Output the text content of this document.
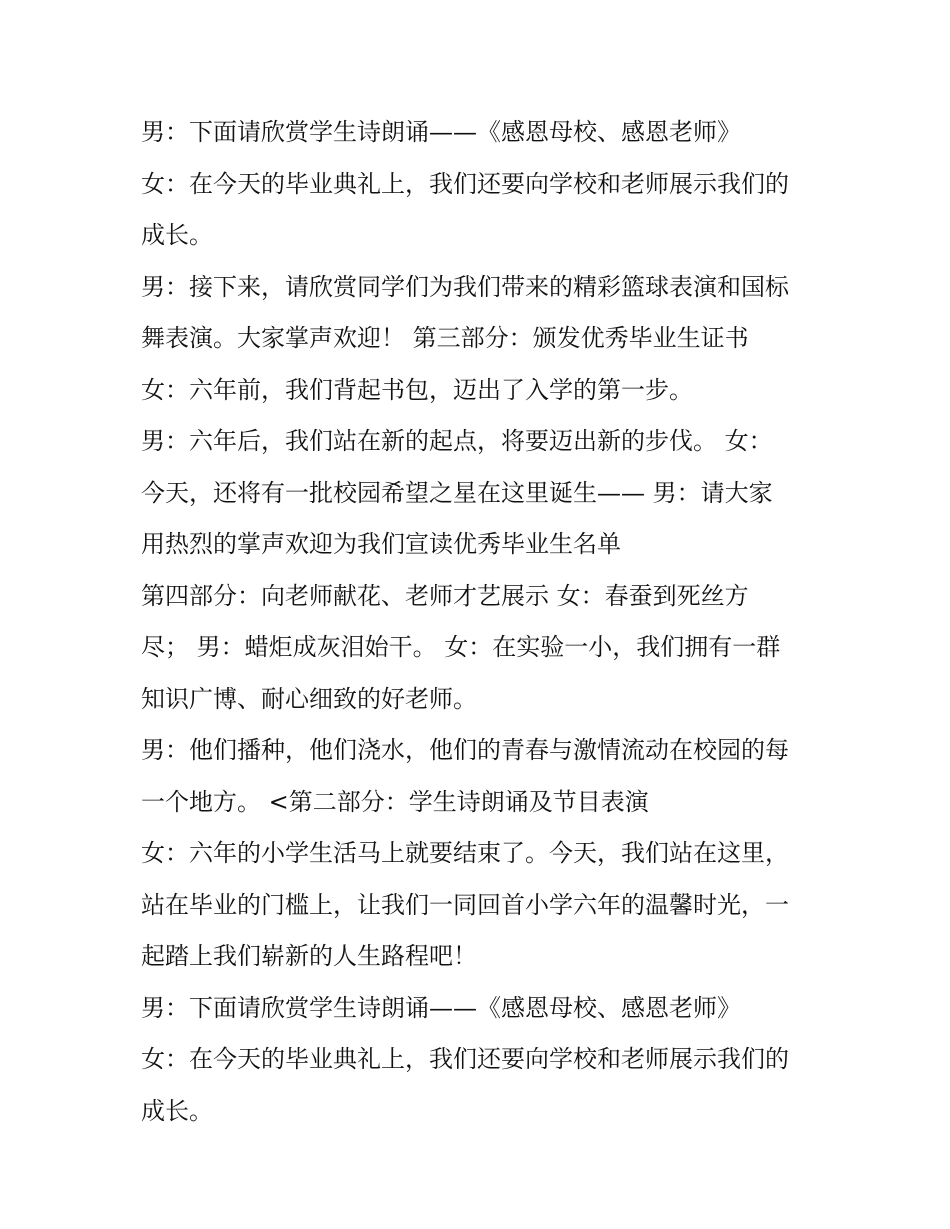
男：下面请欣赏学生诗朗诵——《感恩母校、感恩老师》
女：在今天的毕业典礼上，我们还要向学校和老师展示我们的
成长。
男：接下来，请欣赏同学们为我们带来的精彩篮球表演和国标
舞表演。大家掌声欢迎！ 第三部分：颁发优秀毕业生证书
女：六年前，我们背起书包，迈出了入学的第一步。
男：六年后，我们站在新的起点，将要迈出新的步伐。 女：
今天，还将有一批校园希望之星在这里诞生—— 男：请大家
用热烈的掌声欢迎为我们宣读优秀毕业生名单
第四部分：向老师献花、老师才艺展示 女：春蚕到死丝方
尽； 男：蜡炬成灰泪始干。 女：在实验一小，我们拥有一群
知识广博、耐心细致的好老师。
男：他们播种，他们浇水，他们的青春与激情流动在校园的每
一个地方。 <第二部分：学生诗朗诵及节目表演
女：六年的小学生活马上就要结束了。今天，我们站在这里，
站在毕业的门槛上，让我们一同回首小学六年的温馨时光，一
起踏上我们崭新的人生路程吧！
男：下面请欣赏学生诗朗诵——《感恩母校、感恩老师》
女：在今天的毕业典礼上，我们还要向学校和老师展示我们的
成长。
